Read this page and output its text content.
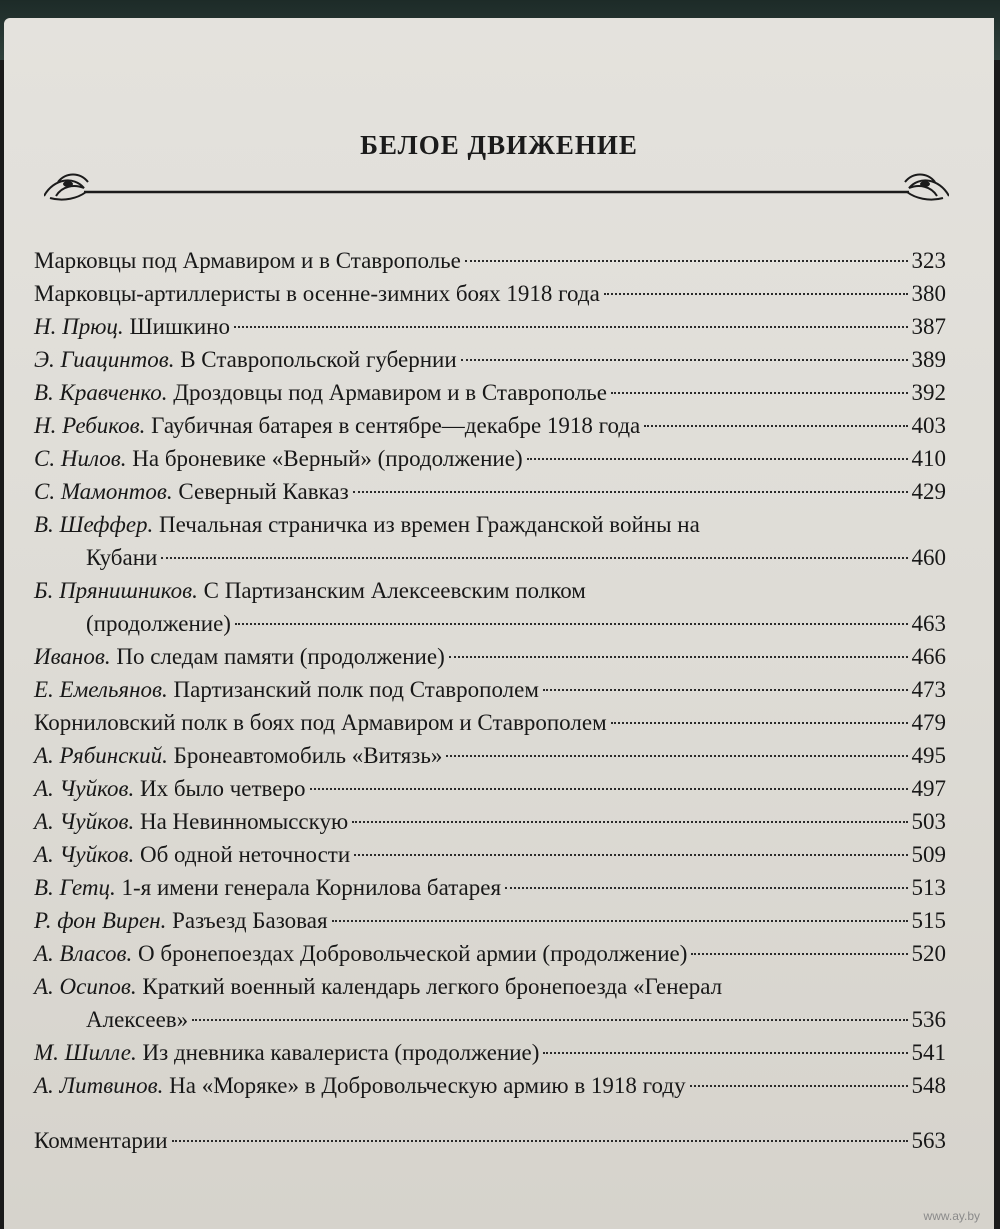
БЕЛОЕ ДВИЖЕНИЕ
Марковцы под Армавиром и в Ставрополье	323
Марковцы-артиллеристы в осенне-зимних боях 1918 года	380
Н. Прюц. Шишкино	387
Э. Гиацинтов. В Ставропольской губернии	389
В. Кравченко. Дроздовцы под Армавиром и в Ставрополье	392
Н. Ребиков. Гаубичная батарея в сентябре—декабре 1918 года	403
С. Нилов. На броневике «Верный» (продолжение)	410
С. Мамонтов. Северный Кавказ	429
В. Шеффер. Печальная страничка из времен Гражданской войны на
Кубани	460
Б. Прянишников. С Партизанским Алексеевским полком
(продолжение)	463
Иванов. По следам памяти (продолжение)	466
Е. Емельянов. Партизанский полк под Ставрополем	473
Корниловский полк в боях под Армавиром и Ставрополем	479
А. Рябинский. Бронеавтомобиль «Витязь»	495
А. Чуйков. Их было четверо	497
А. Чуйков. На Невинномысскую	503
А. Чуйков. Об одной неточности	509
В. Гетц. 1-я имени генерала Корнилова батарея	513
Р. фон Вирен. Разъезд Базовая	515
А. Власов. О бронепоездах Добровольческой армии (продолжение)	520
А. Осипов. Краткий военный календарь легкого бронепоезда «Генерал
Алексеев»	536
М. Шилле. Из дневника кавалериста (продолжение)	541
А. Литвинов. На «Моряке» в Добровольческую армию в 1918 году	548
Комментарии	563
www.ay.by
